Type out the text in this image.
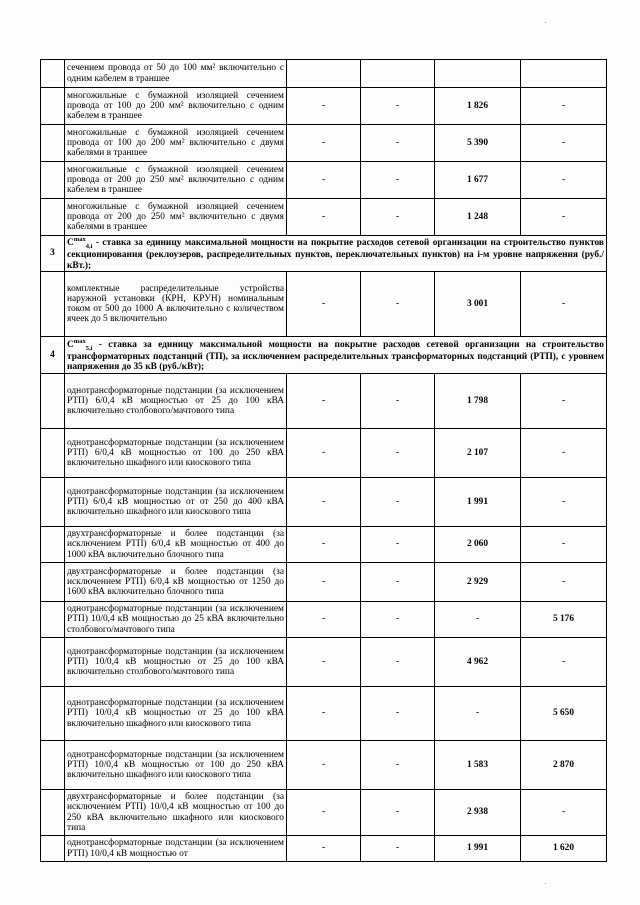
	сечением провода от 50 до 100 мм² включительно с одним кабелем в траншее				
	многожильные с бумажной изоляцией сечением провода от 100 до 200 мм² включительно с одним кабелем в траншее	-	-	1 826	-
	многожильные с бумажной изоляцией сечением провода от 100 до 200 мм² включительно с двумя кабелями в траншее	-	-	5 390	-
	многожильные с бумажной изоляцией сечением провода от 200 до 250 мм² включительно с одним кабелем в траншее	-	-	1 677	-
	многожильные с бумажной изоляцией сечением провода от 200 до 250 мм² включительно с двумя кабелями в траншее	-	-	1 248	-
3	$C^{max}_{4,i}$ - ставка за единицу максимальной мощности на покрытие расходов сетевой организации на строительство пунктов секционирования (реклоузеров, распределительных пунктов, переключательных пунктов) на i-м уровне напряжения (руб./кВт.);				
	комплектные распределительные устройства наружной установки (КРН, КРУН) номинальным током от 500 до 1000 А включительно с количеством ячеек до 5 включительно	-	-	3 001	-
4	$C^{max}_{5,i}$ - ставка за единицу максимальной мощности на покрытие расходов сетевой организации на строительство трансформаторных подстанций (ТП), за исключением распределительных трансформаторных подстанций (РТП), с уровнем напряжения до 35 кВ (руб./кВт);				
	однотрансформаторные подстанции (за исключением РТП) 6/0,4 кВ мощностью от 25 до 100 кВА включительно столбового/мачтового типа	-	-	1 798	-
	однотрансформаторные подстанции (за исключением РТП) 6/0,4 кВ мощностью от 100 до 250 кВА включительно шкафного или киоскового типа	-	-	2 107	-
	однотрансформаторные подстанции (за исключением РТП) 6/0,4 кВ мощностью от от 250 до 400 кВА включительно шкафного или киоскового типа	-	-	1 991	-
	двухтрансформаторные и более подстанции (за исключением РТП) 6/0,4 кВ мощностью от 400 до 1000 кВА включительно блочного типа	-	-	2 060	-
	двухтрансформаторные и более подстанции (за исключением РТП) 6/0,4 кВ мощностью от 1250 до 1600 кВА включительно блочного типа	-	-	2 929	-
	однотрансформаторные подстанции (за исключением РТП) 10/0,4 кВ мощностью до 25 кВА включительно столбового/мачтового типа	-	-	-	5 176
	однотрансформаторные подстанции (за исключением РТП) 10/0,4 кВ мощностью от 25 до 100 кВА включительно столбового/мачтового типа	-	-	4 962	-
	однотрансформаторные подстанции (за исключением РТП) 10/0,4 кВ мощностью от 25 до 100 кВА включительно шкафного или киоскового типа	-	-	-	5 650
	однотрансформаторные подстанции (за исключением РТП) 10/0,4 кВ мощностью от 100 до 250 кВА включительно шкафного или киоскового типа	-	-	1 583	2 870
	двухтрансформаторные и более подстанции (за исключением РТП) 10/0,4 кВ мощностью от 100 до 250 кВА включительно шкафного или киоскового типа	-	-	2 938	-
	однотрансформаторные подстанции (за исключением РТП) 10/0,4 кВ мощностью от	-	-	1 991	1 620
